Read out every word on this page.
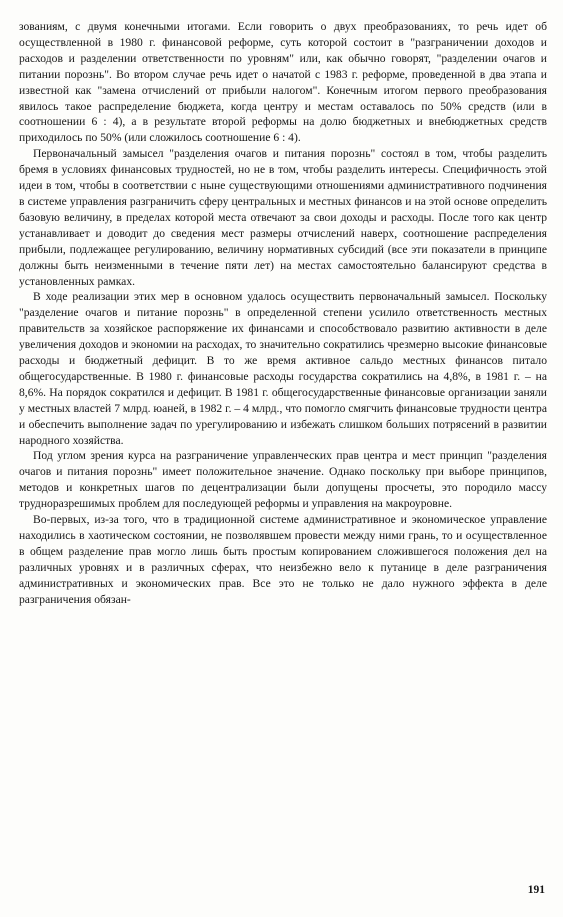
зованиям, с двумя конечными итогами. Если говорить о двух преобразованиях, то речь идет об осуществленной в 1980 г. финансовой реформе, суть которой состоит в "разграничении доходов и расходов и разделении ответственности по уровням" или, как обычно говорят, "разделении очагов и питании порознь". Во втором случае речь идет о начатой с 1983 г. реформе, проведенной в два этапа и известной как "замена отчислений от прибыли налогом". Конечным итогом первого преобразования явилось такое распределение бюджета, когда центру и местам оставалось по 50% средств (или в соотношении 6 : 4), а в результате второй реформы на долю бюджетных и внебюджетных средств приходилось по 50% (или сложилось соотношение 6 : 4).

Первоначальный замысел "разделения очагов и питания порознь" состоял в том, чтобы разделить бремя в условиях финансовых трудностей, но не в том, чтобы разделить интересы. Специфичность этой идеи в том, чтобы в соответствии с ныне существующими отношениями административного подчинения в системе управления разграничить сферу центральных и местных финансов и на этой основе определить базовую величину, в пределах которой места отвечают за свои доходы и расходы. После того как центр устанавливает и доводит до сведения мест размеры отчислений наверх, соотношение распределения прибыли, подлежащее регулированию, величину нормативных субсидий (все эти показатели в принципе должны быть неизменными в течение пяти лет) на местах самостоятельно балансируют средства в установленных рамках.

В ходе реализации этих мер в основном удалось осуществить первоначальный замысел. Поскольку "разделение очагов и питание порознь" в определенной степени усилило ответственность местных правительств за хозяйское распоряжение их финансами и способствовало развитию активности в деле увеличения доходов и экономии на расходах, то значительно сократились чрезмерно высокие финансовые расходы и бюджетный дефицит. В то же время активное сальдо местных финансов питало общегосударственные. В 1980 г. финансовые расходы государства сократились на 4,8%, в 1981 г. – на 8,6%. На порядок сократился и дефицит. В 1981 г. общегосударственные финансовые организации заняли у местных властей 7 млрд. юаней, в 1982 г. – 4 млрд., что помогло смягчить финансовые трудности центра и обеспечить выполнение задач по урегулированию и избежать слишком больших потрясений в развитии народного хозяйства.

Под углом зрения курса на разграничение управленческих прав центра и мест принцип "разделения очагов и питания порознь" имеет положительное значение. Однако поскольку при выборе принципов, методов и конкретных шагов по децентрализации были допущены просчеты, это породило массу трудноразрешимых проблем для последующей реформы и управления на макроуровне.

Во-первых, из-за того, что в традиционной системе административное и экономическое управление находились в хаотическом состоянии, не позволявшем провести между ними грань, то и осуществленное в общем разделение прав могло лишь быть простым копированием сложившегося положения дел на различных уровнях и в различных сферах, что неизбежно вело к путанице в деле разграничения административных и экономических прав. Все это не только не дало нужного эффекта в деле разграничения обязан-

191
